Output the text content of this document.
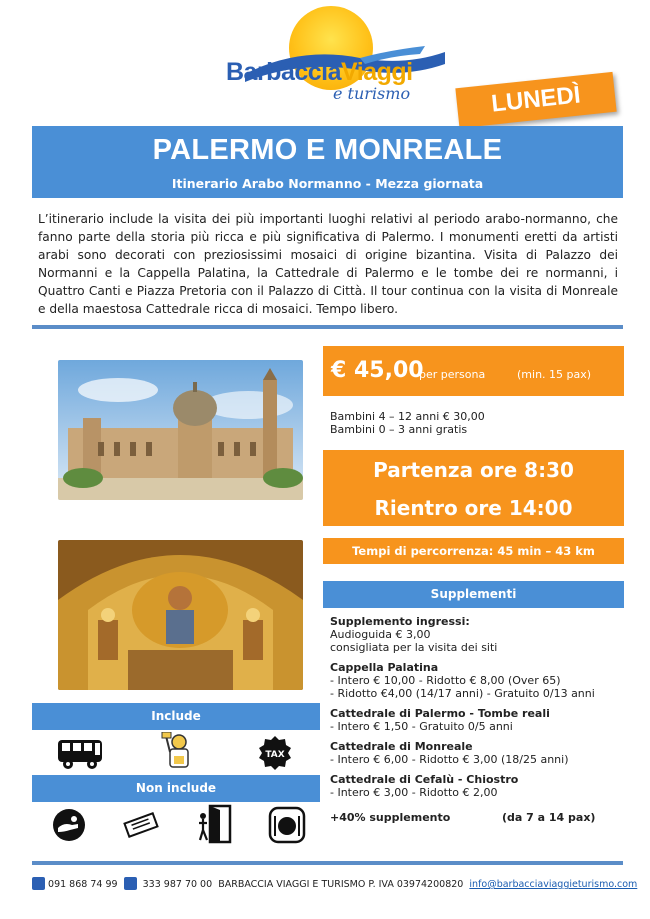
BarbacciaViaggi
e turismo	LUNEDÌ
PALERMO E MONREALE
Itinerario Arabo Normanno - Mezza giornata
L’itinerario include la visita dei più importanti luoghi relativi al periodo arabo-normanno, che fanno parte della storia più ricca e più significativa di Palermo. I monumenti eretti da artisti arabi sono decorati con preziosissimi mosaici di origine bizantina. Visita di Palazzo dei Normanni e la Cappella Palatina, la Cattedrale di Palermo e le tombe dei re normanni, i Quattro Canti e Piazza Pretoria con il Palazzo di Città. Il tour continua con la visita di Monreale e della maestosa Cattedrale ricca di mosaici. Tempo libero.
€ 45,00
per persona	(min. 15 pax)
Bambini 4 – 12 anni € 30,00
Bambini 0 – 3 anni gratis
Partenza ore 8:30
Rientro ore 14:00
Tempi di percorrenza: 45 min – 43 km
Supplementi
Supplemento ingressi:
Audioguida € 3,00
consigliata per la visita dei siti
Cappella Palatina
- Intero € 10,00 - Ridotto € 8,00 (Over 65)
- Ridotto €4,00 (14/17 anni) - Gratuito 0/13 anni
Cattedrale di Palermo - Tombe reali
- Intero € 1,50 - Gratuito 0/5 anni
Cattedrale di Monreale
- Intero € 6,00 - Ridotto € 3,00 (18/25 anni)
Cattedrale di Cefalù - Chiostro
- Intero € 3,00 - Ridotto € 2,00
+40% supplemento	(da 7 a 14 pax)
Include
TAX
Non include
091 868 74 99	333 987 70 00 BARBACCIA VIAGGI E TURISMO P. IVA 03974200820 info@barbacciaviaggieturismo.com
